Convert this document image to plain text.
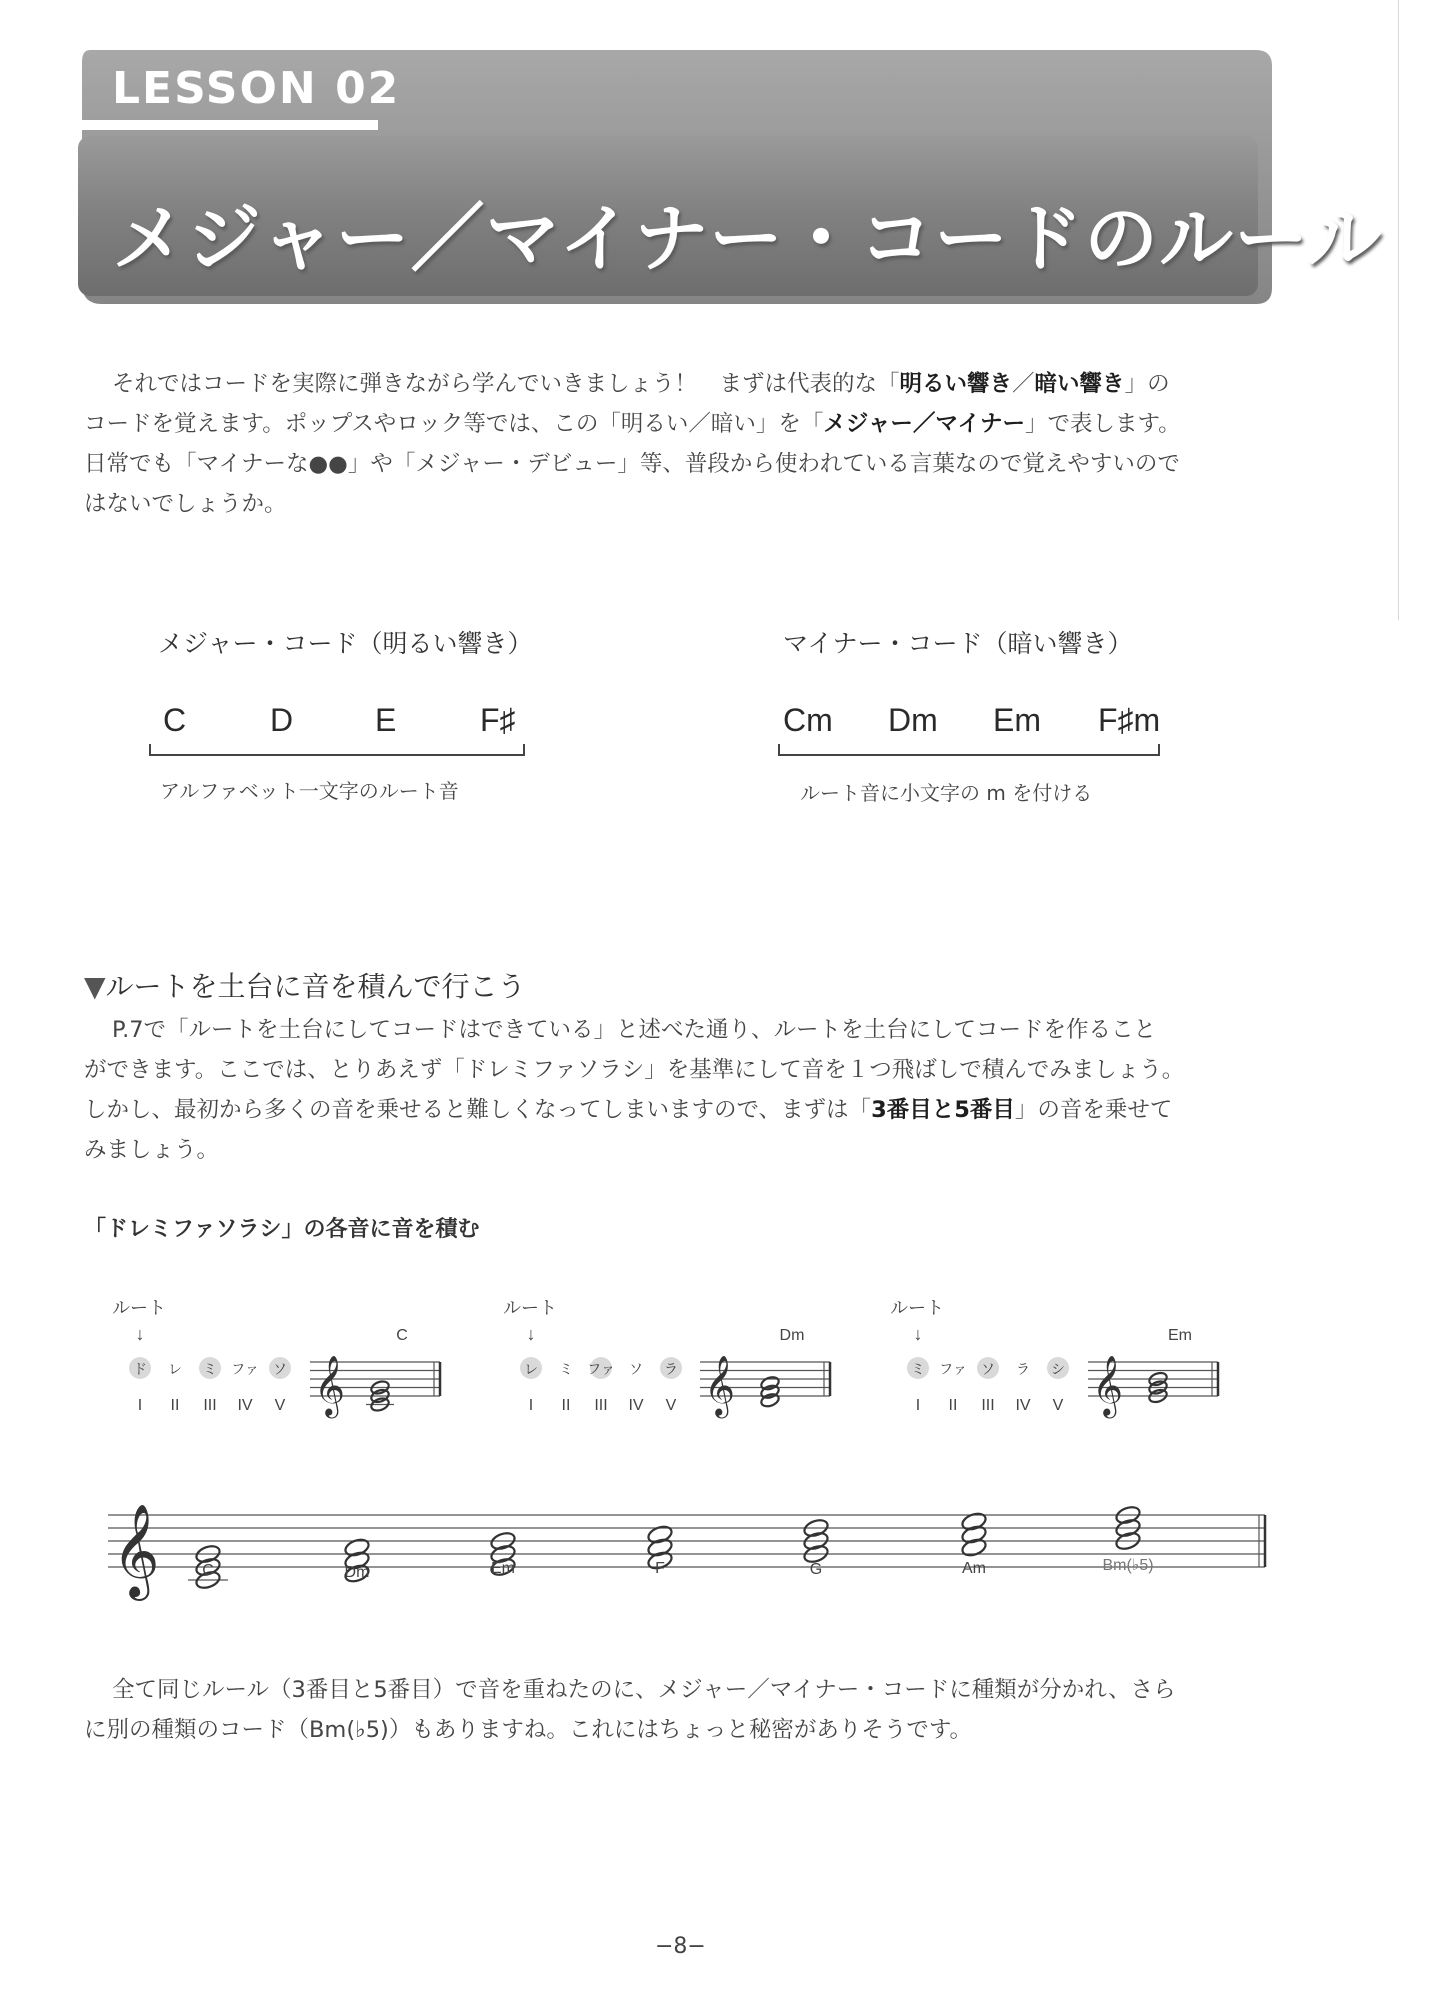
LESSON 02
メジャー／マイナー・コードのルール

それではコードを実際に弾きながら学んでいきましょう！　まずは代表的な「明るい響き／暗い響き」の

コードを覚えます。ポップスやロック等では、この「明るい／暗い」を「メジャー／マイナー」で表します。

日常でも「マイナーな●●」や「メジャー・デビュー」等、普段から使われている言葉なので覚えやすいので

はないでしょうか。

メジャー・コード（明るい響き）
C	D	E	F♯
アルファベット一文字のルート音
マイナー・コード（暗い響き）
Cm Dm Em F♯m
ルート音に小文字の m を付ける
▼ルートを土台に音を積んで行こう

P.7で「ルートを土台にしてコードはできている」と述べた通り、ルートを土台にしてコードを作ること

ができます。ここでは、とりあえず「ドレミファソラシ」を基準にして音を１つ飛ばしで積んでみましょう。

しかし、最初から多くの音を乗せると難しくなってしまいますので、まずは「3番目と5番目」の音を乗せて

みましょう。

「ドレミファソラシ」の各音に音を積む
ルート
↓
ド
I
レ
II
ミ
III
ファ
IV
ソ
V 𝄞
C
ルート
↓
レ
I
ミ
II
ファ
III
ソ
IV
ラ
V 𝄞
Dm
ルート
↓
ミ
I
ファ
II
ソ
III
ラ
IV
シ
V 𝄞
Em
𝄞	C	Dm	Em	F	G	Am	Bm(♭5)

全て同じルール（3番目と5番目）で音を重ねたのに、メジャー／マイナー・コードに種類が分かれ、さら

に別の種類のコード（Bm(♭5)）もありますね。これにはちょっと秘密がありそうです。

−8−
